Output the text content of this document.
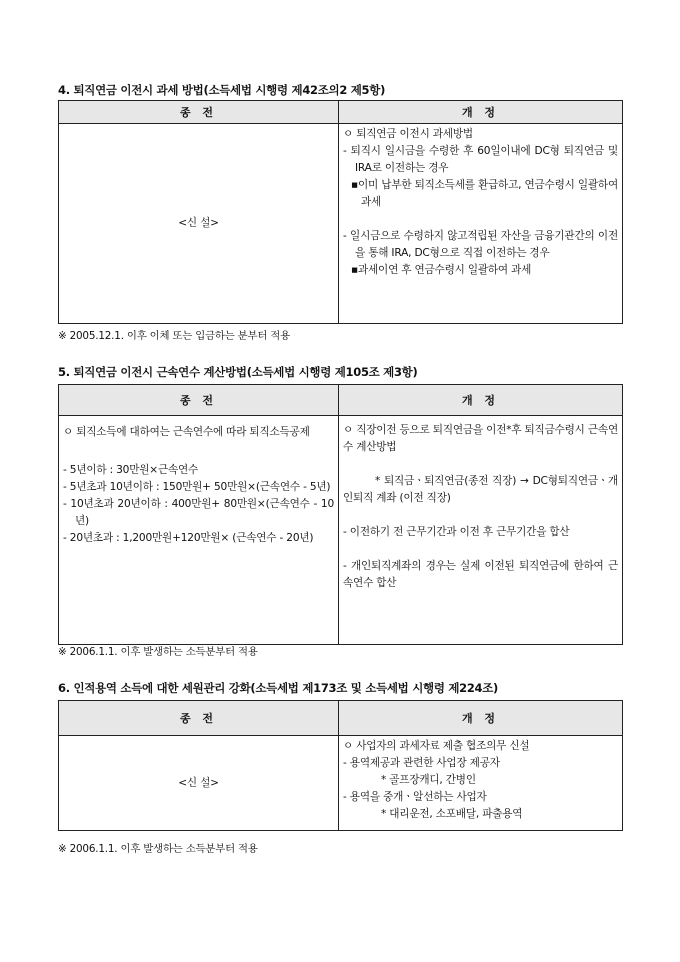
4. 퇴직연금 이전시 과세 방법(소득세법 시행령 제42조의2 제5항)
종 전	개 정
<신 설>	ㅇ 퇴직연금 이전시 과세방법
- 퇴직시 일시금을 수령한 후 60일이내에 DC형 퇴직연금 및 IRA로 이전하는 경우
▪이미 납부한 퇴직소득세를 환급하고, 연금수령시 일괄하여 과세
- 일시금으로 수령하지 않고적립된 자산을 금융기관간의 이전을 통해 IRA, DC형으로 직접 이전하는 경우
▪과세이연 후 연금수령시 일괄하여 과세
※ 2005.12.1. 이후 이체 또는 입금하는 분부터 적용
5. 퇴직연금 이전시 근속연수 계산방법(소득세법 시행령 제105조 제3항)
종 전	개 정

ㅇ 퇴직소득에 대하여는 근속연수에 따라 퇴직소득공제
- 5년이하 : 30만원×근속연수
- 5년초과 10년이하 : 150만원+ 50만원×(근속연수 - 5년)
- 10년초과 20년이하 : 400만원+ 80만원×(근속연수 - 10년)
- 20년초과 : 1,200만원+120만원× (근속연수 - 20년)	ㅇ 직장이전 등으로 퇴직연금을 이전*후 퇴직금수령시 근속연수 계산방법
* 퇴직금ㆍ퇴직연금(종전 직장) → DC형퇴직연금ㆍ개인퇴직 계좌 (이전 직장)
- 이전하기 전 근무기간과 이전 후 근무기간을 합산
- 개인퇴직계좌의 경우는 실제 이전된 퇴직연금에 한하여 근속연수 합산
※ 2006.1.1. 이후 발생하는 소득분부터 적용
6. 인적용역 소득에 대한 세원관리 강화(소득세법 제173조 및 소득세법 시행령 제224조)
종 전	개 정
<신 설>	ㅇ 사업자의 과세자료 제출 협조의무 신설
- 용역제공과 관련한 사업장 제공자
* 골프장캐디, 간병인
- 용역을 중개ㆍ알선하는 사업자
* 대리운전, 소포배달, 파출용역
※ 2006.1.1. 이후 발생하는 소득분부터 적용
